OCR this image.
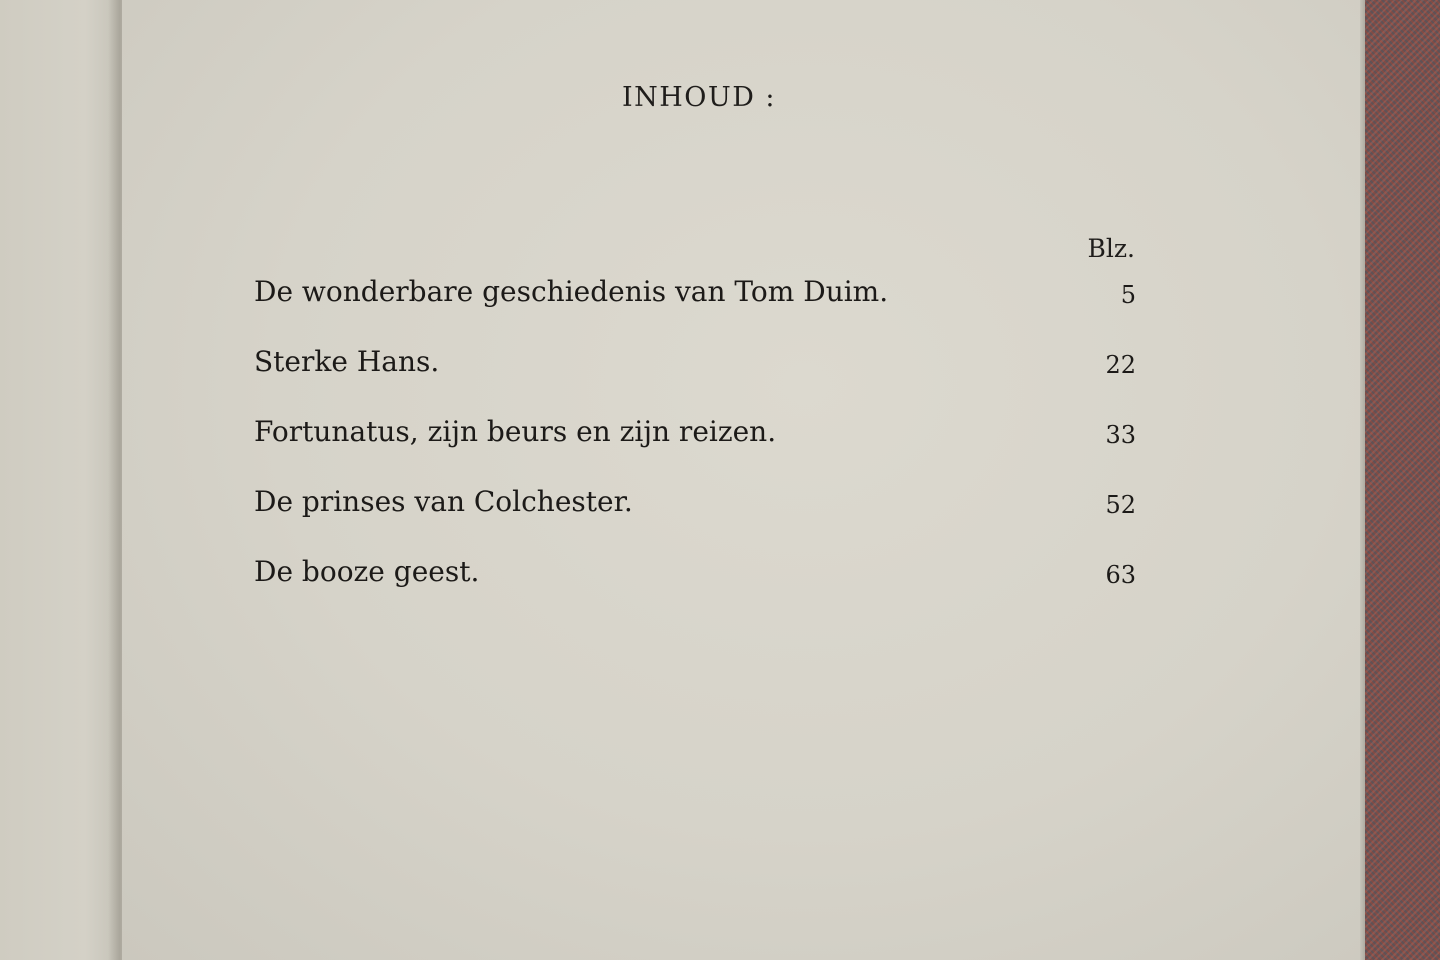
INHOUD :
Blz.
De wonderbare geschiedenis van Tom Duim.	5
Sterke Hans.	22
Fortunatus, zijn beurs en zijn reizen.	33
De prinses van Colchester.	52
De booze geest.	63
